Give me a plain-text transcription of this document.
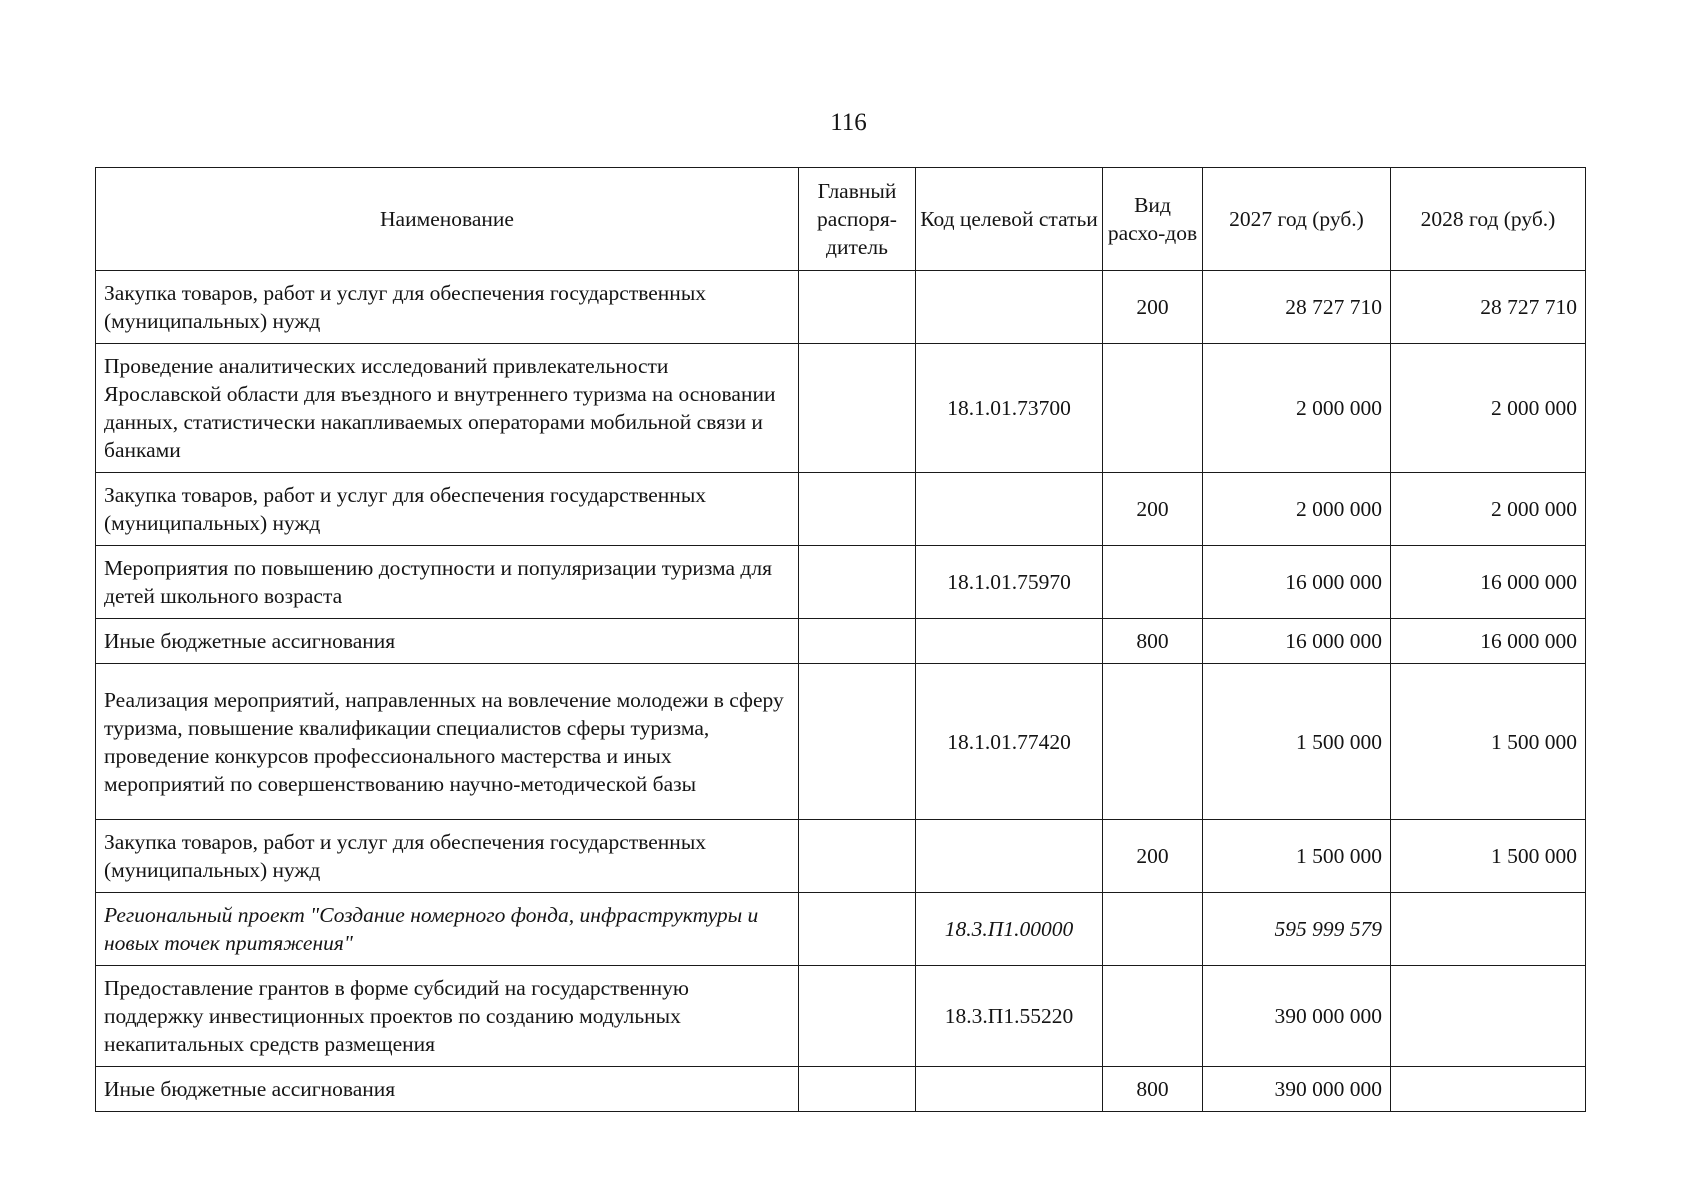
116
Наименование	Главный распоря-дитель	Код целевой статьи	Вид расхо-дов	2027 год (руб.)	2028 год (руб.)
Закупка товаров, работ и услуг для обеспечения государственных (муниципальных) нужд			200	28 727 710	28 727 710
Проведение аналитических исследований привлекательности Ярославской области для въездного и внутреннего туризма на основании данных, статистически накапливаемых операторами мобильной связи и банками		18.1.01.73700		2 000 000	2 000 000
Закупка товаров, работ и услуг для обеспечения государственных (муниципальных) нужд			200	2 000 000	2 000 000
Мероприятия по повышению доступности и популяризации туризма для детей школьного возраста		18.1.01.75970		16 000 000	16 000 000
Иные бюджетные ассигнования			800	16 000 000	16 000 000
Реализация мероприятий, направленных на вовлечение молодежи в сферу туризма, повышение квалификации специалистов сферы туризма, проведение конкурсов профессионального мастерства и иных мероприятий по совершенствованию научно-методической базы		18.1.01.77420		1 500 000	1 500 000
Закупка товаров, работ и услуг для обеспечения государственных (муниципальных) нужд			200	1 500 000	1 500 000
Региональный проект "Создание номерного фонда, инфраструктуры и новых точек притяжения"		18.3.П1.00000		595 999 579	
Предоставление грантов в форме субсидий на государственную поддержку инвестиционных проектов по созданию модульных некапитальных средств размещения		18.3.П1.55220		390 000 000	
Иные бюджетные ассигнования			800	390 000 000	
